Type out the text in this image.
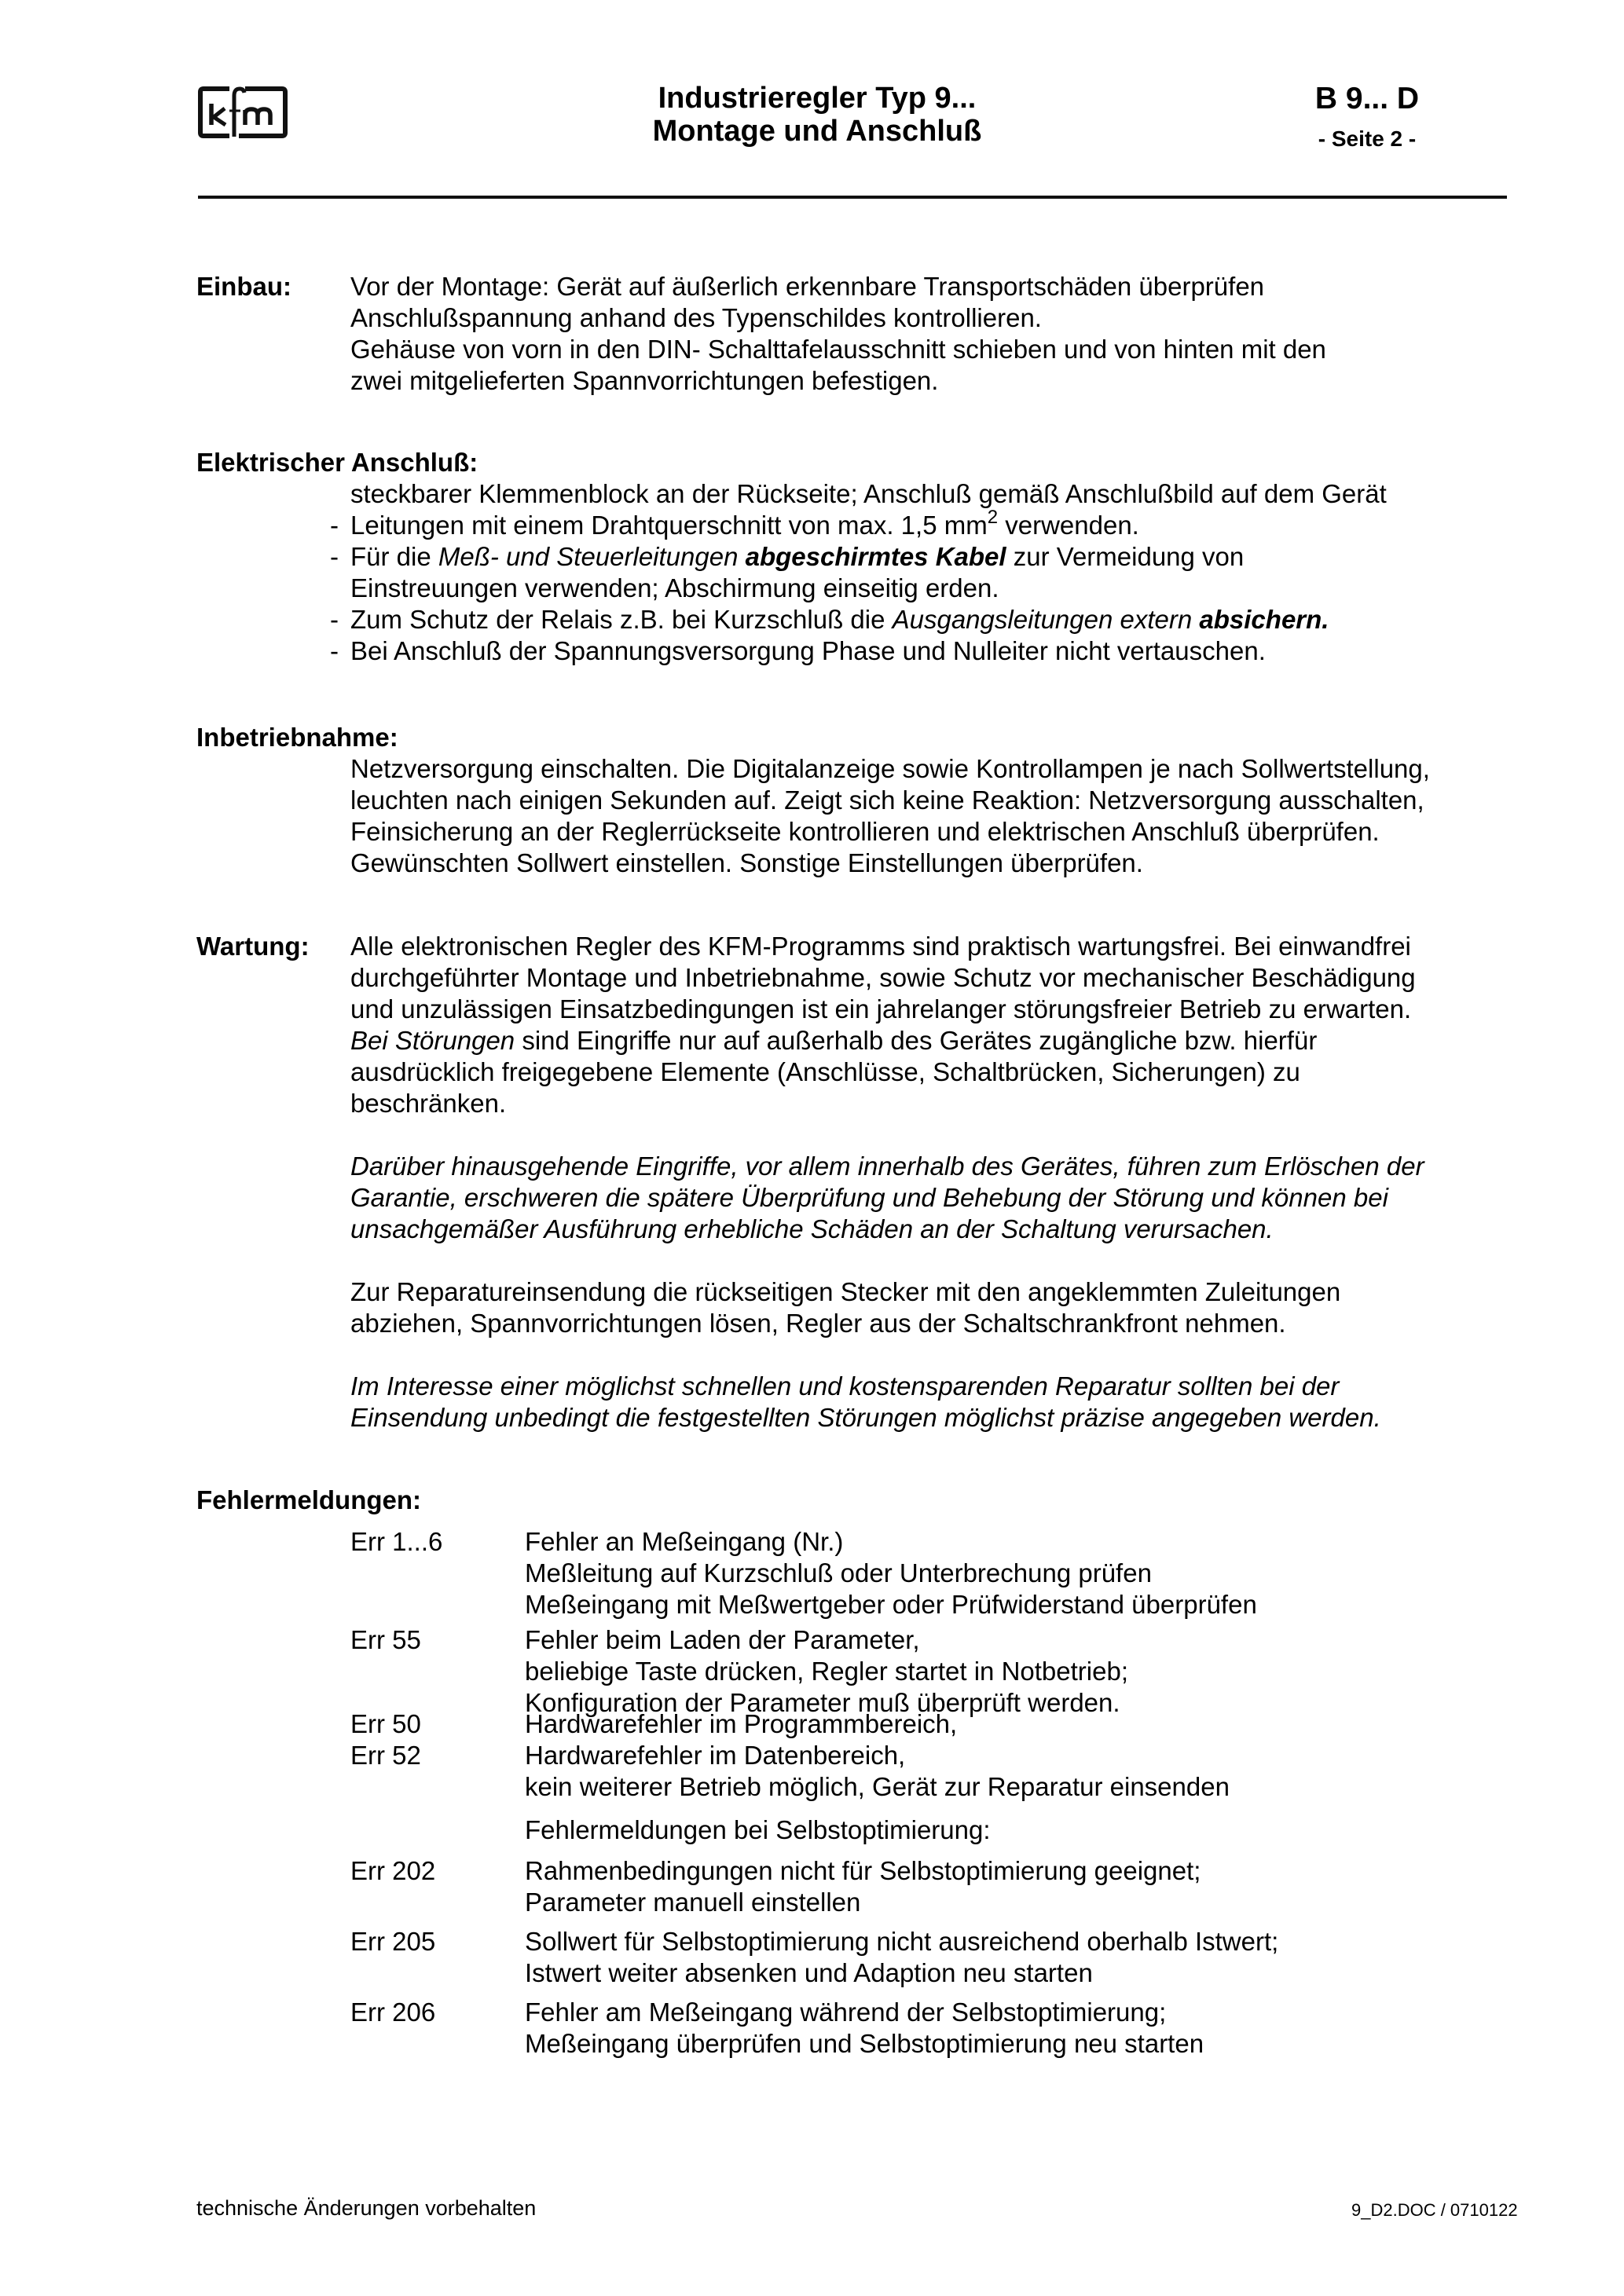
Industrieregler Typ 9...
Montage und Anschluß
B 9... D
- Seite 2 -
Einbau: Vor der Montage: Gerät auf äußerlich erkennbare Transportschäden überprüfen
Anschlußspannung anhand des Typenschildes kontrollieren.
Gehäuse von vorn in den DIN- Schalttafelausschnitt schieben und von hinten mit den
zwei mitgelieferten Spannvorrichtungen befestigen.
Elektrischer Anschluß:
steckbarer Klemmenblock an der Rückseite; Anschluß gemäß Anschlußbild auf dem Gerät
- Leitungen mit einem Drahtquerschnitt von max. 1,5 $mm^2$ verwenden.
- Für die Meß- und Steuerleitungen abgeschirmtes Kabel zur Vermeidung von
Einstreuungen verwenden; Abschirmung einseitig erden.
- Zum Schutz der Relais z.B. bei Kurzschluß die Ausgangsleitungen extern absichern.
- Bei Anschluß der Spannungsversorgung Phase und Nulleiter nicht vertauschen.
Inbetriebnahme:
Netzversorgung einschalten. Die Digitalanzeige sowie Kontrollampen je nach Sollwertstellung,
leuchten nach einigen Sekunden auf. Zeigt sich keine Reaktion: Netzversorgung ausschalten,
Feinsicherung an der Reglerrückseite kontrollieren und elektrischen Anschluß überprüfen.
Gewünschten Sollwert einstellen. Sonstige Einstellungen überprüfen.
Wartung: Alle elektronischen Regler des KFM-Programms sind praktisch wartungsfrei. Bei einwandfrei
durchgeführter Montage und Inbetriebnahme, sowie Schutz vor mechanischer Beschädigung
und unzulässigen Einsatzbedingungen ist ein jahrelanger störungsfreier Betrieb zu erwarten.
Bei Störungen sind Eingriffe nur auf außerhalb des Gerätes zugängliche bzw. hierfür
ausdrücklich freigegebene Elemente (Anschlüsse, Schaltbrücken, Sicherungen) zu
beschränken.
Darüber hinausgehende Eingriffe, vor allem innerhalb des Gerätes, führen zum Erlöschen der
Garantie, erschweren die spätere Überprüfung und Behebung der Störung und können bei
unsachgemäßer Ausführung erhebliche Schäden an der Schaltung verursachen.
Zur Reparatureinsendung die rückseitigen Stecker mit den angeklemmten Zuleitungen
abziehen, Spannvorrichtungen lösen, Regler aus der Schaltschrankfront nehmen.
Im Interesse einer möglichst schnellen und kostensparenden Reparatur sollten bei der
Einsendung unbedingt die festgestellten Störungen möglichst präzise angegeben werden.
Fehlermeldungen:
Err 1...6	Fehler an Meßeingang (Nr.)
Meßleitung auf Kurzschluß oder Unterbrechung prüfen
Meßeingang mit Meßwertgeber oder Prüfwiderstand überprüfen
Err 55	Fehler beim Laden der Parameter,
beliebige Taste drücken, Regler startet in Notbetrieb;
Konfiguration der Parameter muß überprüft werden.
Err 50	Hardwarefehler im Programmbereich,
Err 52	Hardwarefehler im Datenbereich,
kein weiterer Betrieb möglich, Gerät zur Reparatur einsenden
Fehlermeldungen bei Selbstoptimierung:
Err 202	Rahmenbedingungen nicht für Selbstoptimierung geeignet;
Parameter manuell einstellen
Err 205	Sollwert für Selbstoptimierung nicht ausreichend oberhalb Istwert;
Istwert weiter absenken und Adaption neu starten
Err 206	Fehler am Meßeingang während der Selbstoptimierung;
Meßeingang überprüfen und Selbstoptimierung neu starten
technische Änderungen vorbehalten	9_D2.DOC / 0710122
